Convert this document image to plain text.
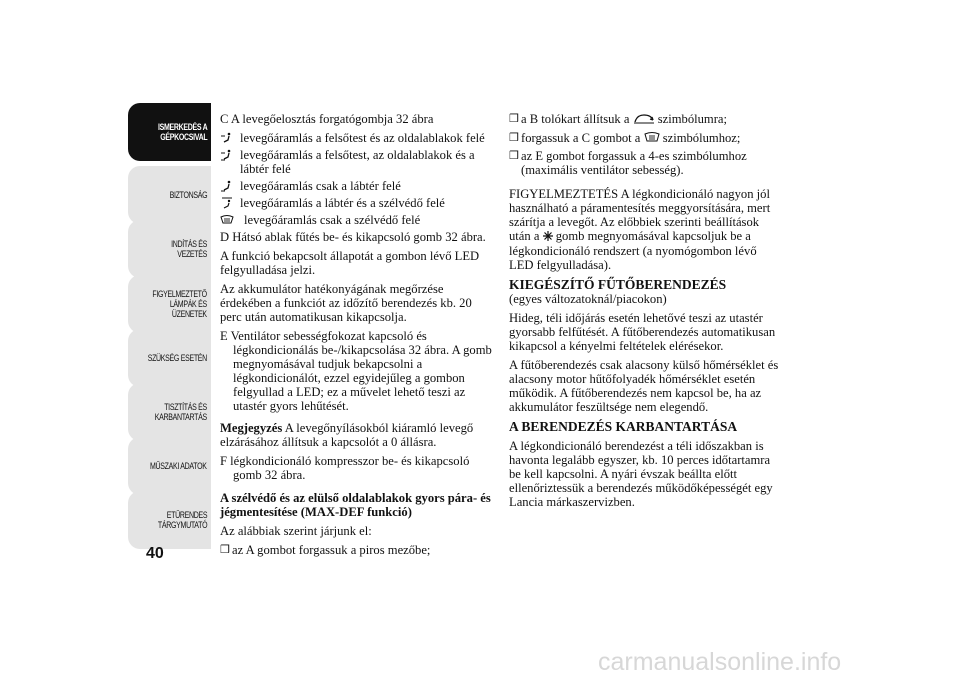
ISMERKEDÉS A
GÉPKOCSIVAL
BIZTONSÁG
INDÍTÁS ÉS
VEZETÉS
FIGYELMEZTETŐ
LÁMPÁK ÉS
ÜZENETEK
SZÜKSÉG ESETÉN
TISZTÍTÁS ÉS
KARBANTARTÁS
MŰSZAKI ADATOK
ETŰRENDES
TÁRGYMUTATÓ
40

C A levegőelosztás forgatógombja 32 ábra

levegőáramlás a felsőtest és az oldalablakok felé
levegőáramlás a felsőtest, az oldalablakok és a lábtér felé
levegőáramlás csak a lábtér felé
levegőáramlás a lábtér és a szélvédő felé
levegőáramlás csak a szélvédő felé

D Hátsó ablak fűtés be- és kikapcsoló gomb 32 ábra.

A funkció bekapcsolt állapotát a gombon lévő LED felgyulladása jelzi.

Az akkumulátor hatékonyágának megőrzése érdekében a funkciót az időzítő berendezés kb. 20 perc után automatikusan kikapcsolja.

E Ventilátor sebességfokozat kapcsoló és légkondicionálás be-/kikapcsolása 32 ábra. A gomb megnyomásával tudjuk bekapcsolni a légkondicionálót, ezzel egyidejűleg a gombon felgyullad a LED; ez a művelet lehető teszi az utastér gyors lehűtését.

Megjegyzés A levegőnyílásokból kiáramló levegő elzárásához állítsuk a kapcsolót a 0 állásra.

F légkondicionáló kompresszor be- és kikapcsoló gomb 32 ábra.

A szélvédő és az elülső oldalablakok gyors pára- és jégmentesítése (MAX-DEF funkció)

Az alábbiak szerint járjunk el:

❒ az A gombot forgassuk a piros mezőbe;
❒ a B tolókart állítsuk a szimbólumra;
❒ forgassuk a C gombot a szimbólumhoz;
❒ az E gombot forgassuk a 4-es szimbólumhoz (maximális ventilátor sebesség).

FIGYELMEZTETÉS A légkondicionáló nagyon jól használható a páramentesítés meggyorsítására, mert szárítja a levegőt. Az előbbiek szerinti beállítások után a gomb megnyomásával kapcsoljuk be a légkondicionáló rendszert (a nyomógombon lévő LED felgyulladása).

KIEGÉSZÍTŐ FŰTŐBERENDEZÉS

(egyes változatoknál/piacokon)

Hideg, téli időjárás esetén lehetővé teszi az utastér gyorsabb felfűtését. A fűtőberendezés automatikusan kikapcsol a kényelmi feltételek elérésekor.

A fűtőberendezés csak alacsony külső hőmérséklet és alacsony motor hűtőfolyadék hőmérséklet esetén működik. A fűtőberendezés nem kapcsol be, ha az akkumulátor feszültsége nem elegendő.

A BERENDEZÉS KARBANTARTÁSA

A légkondicionáló berendezést a téli időszakban is havonta legalább egyszer, kb. 10 perces időtartamra be kell kapcsolni. A nyári évszak beállta előtt ellenőriztessük a berendezés működőképességét egy Lancia márkaszervizben.

carmanualsonline.info
